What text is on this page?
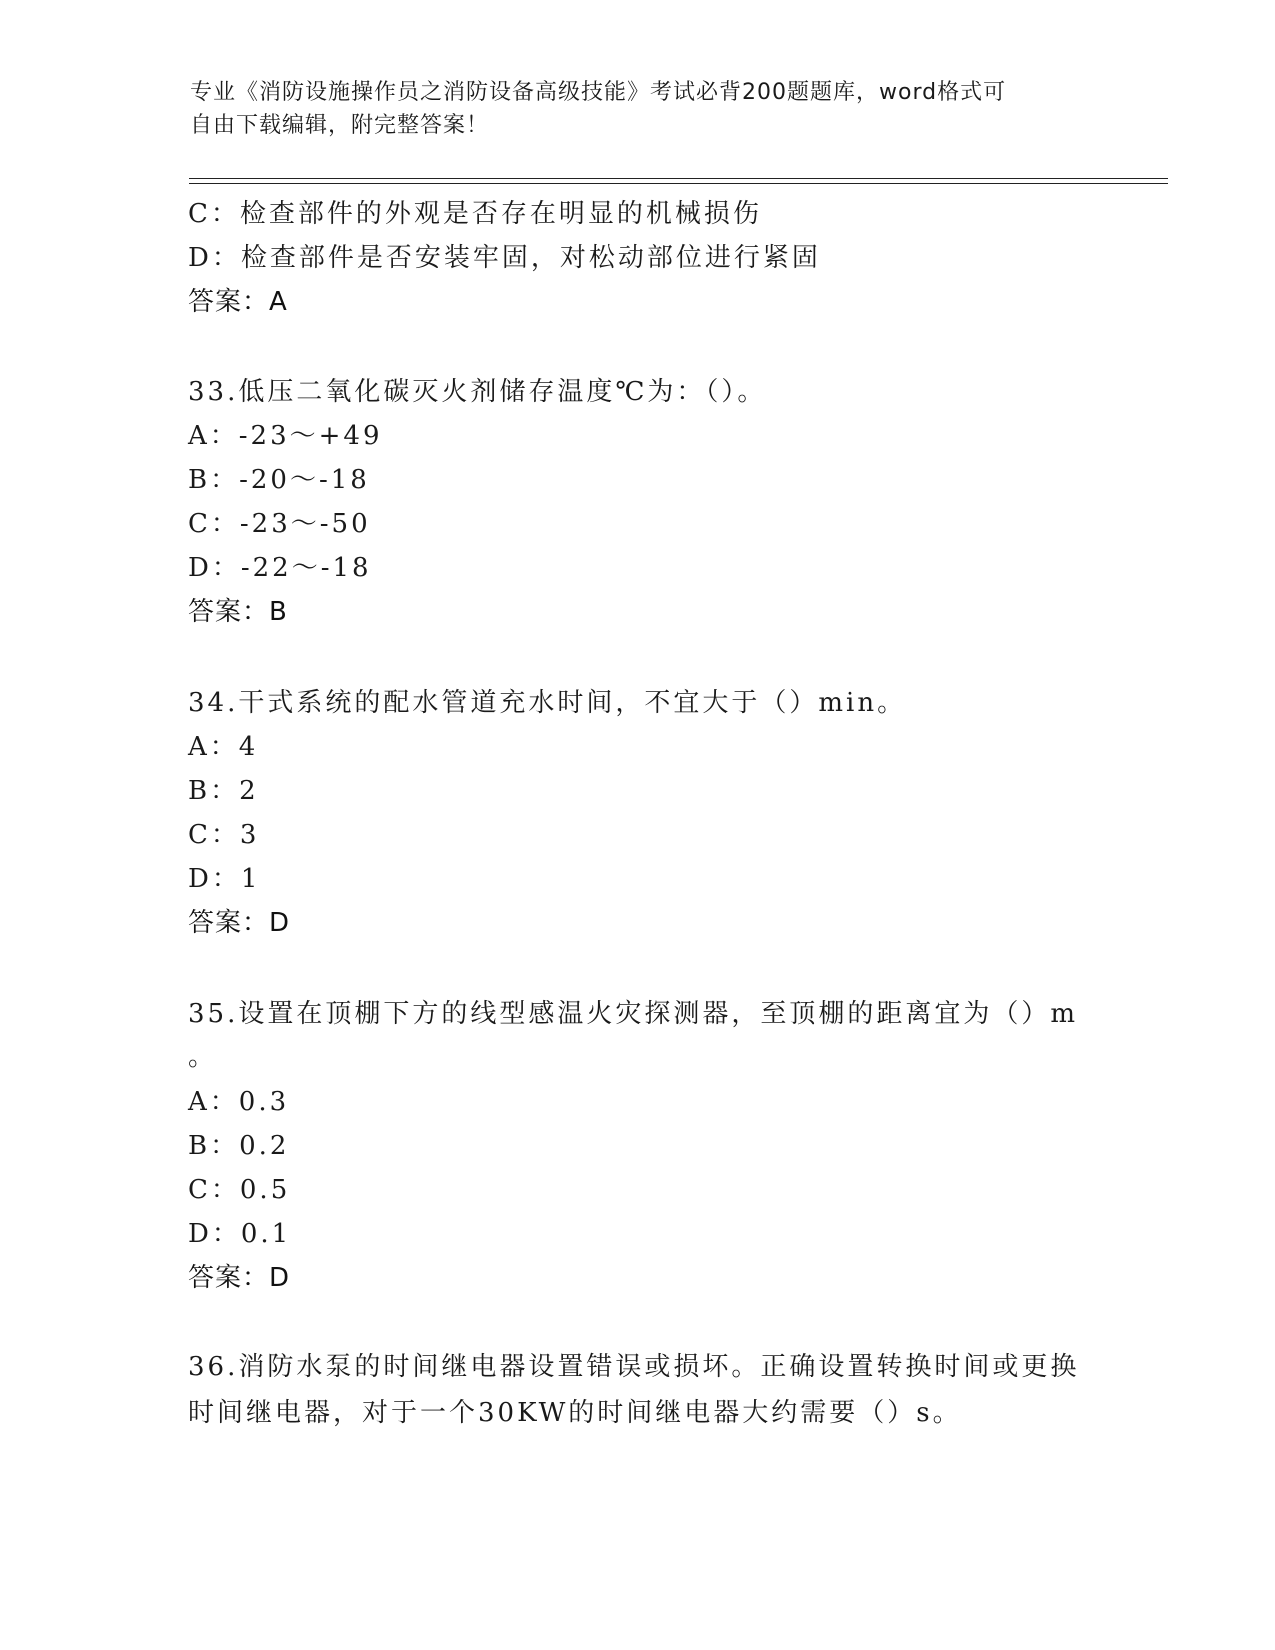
专业《消防设施操作员之消防设备高级技能》考试必背200题题库，word格式可
自由下载编辑，附完整答案！
C：检查部件的外观是否存在明显的机械损伤
D：检查部件是否安装牢固，对松动部位进行紧固
答案：A
33.低压二氧化碳灭火剂储存温度℃为：（）。
A：-23～+49
B：-20～-18
C：-23～-50
D：-22～-18
答案：B
34.干式系统的配水管道充水时间，不宜大于（）min。
A：4
B：2
C：3
D：1
答案：D
35.设置在顶棚下方的线型感温火灾探测器，至顶棚的距离宜为（）m
。
A：0.3
B：0.2
C：0.5
D：0.1
答案：D
36.消防水泵的时间继电器设置错误或损坏。正确设置转换时间或更换
时间继电器，对于一个30KW的时间继电器大约需要（）s。
